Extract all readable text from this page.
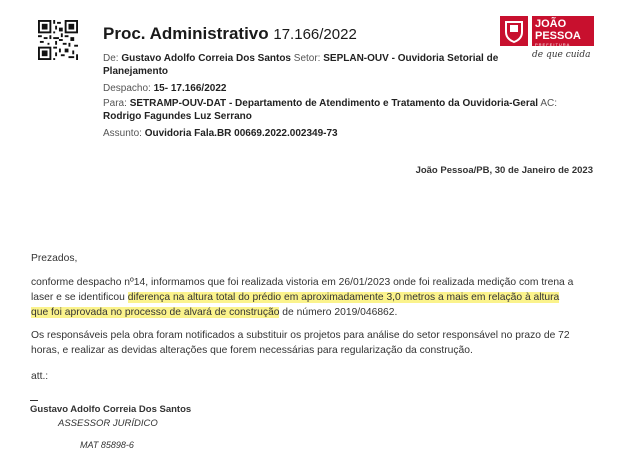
JOÃO
PESSOA
PREFEITURA
de que cuida
Proc. Administrativo 17.166/2022
De: Gustavo Adolfo Correia Dos Santos Setor: SEPLAN-OUV - Ouvidoria Setorial de
Planejamento
Despacho: 15- 17.166/2022
Para: SETRAMP-OUV-DAT - Departamento de Atendimento e Tratamento da Ouvidoria-Geral AC:
Rodrigo Fagundes Luz Serrano
Assunto: Ouvidoria Fala.BR 00669.2022.002349-73
João Pessoa/PB, 30 de Janeiro de 2023
Prezados,
conforme despacho nº14, informamos que foi realizada vistoria em 26/01/2023 onde foi realizada medição com trena a
laser e se identificou diferença na altura total do prédio em aproximadamente 3,0 metros a mais em relação à altura
que foi aprovada no processo de alvará de construção de número 2019/046862.
Os responsáveis pela obra foram notificados a substituir os projetos para análise do setor responsável no prazo de 72
horas, e realizar as devidas alterações que forem necessárias para regularização da construção.
att.:
Gustavo Adolfo Correia Dos Santos
ASSESSOR JURÍDICO
MAT 85898-6
